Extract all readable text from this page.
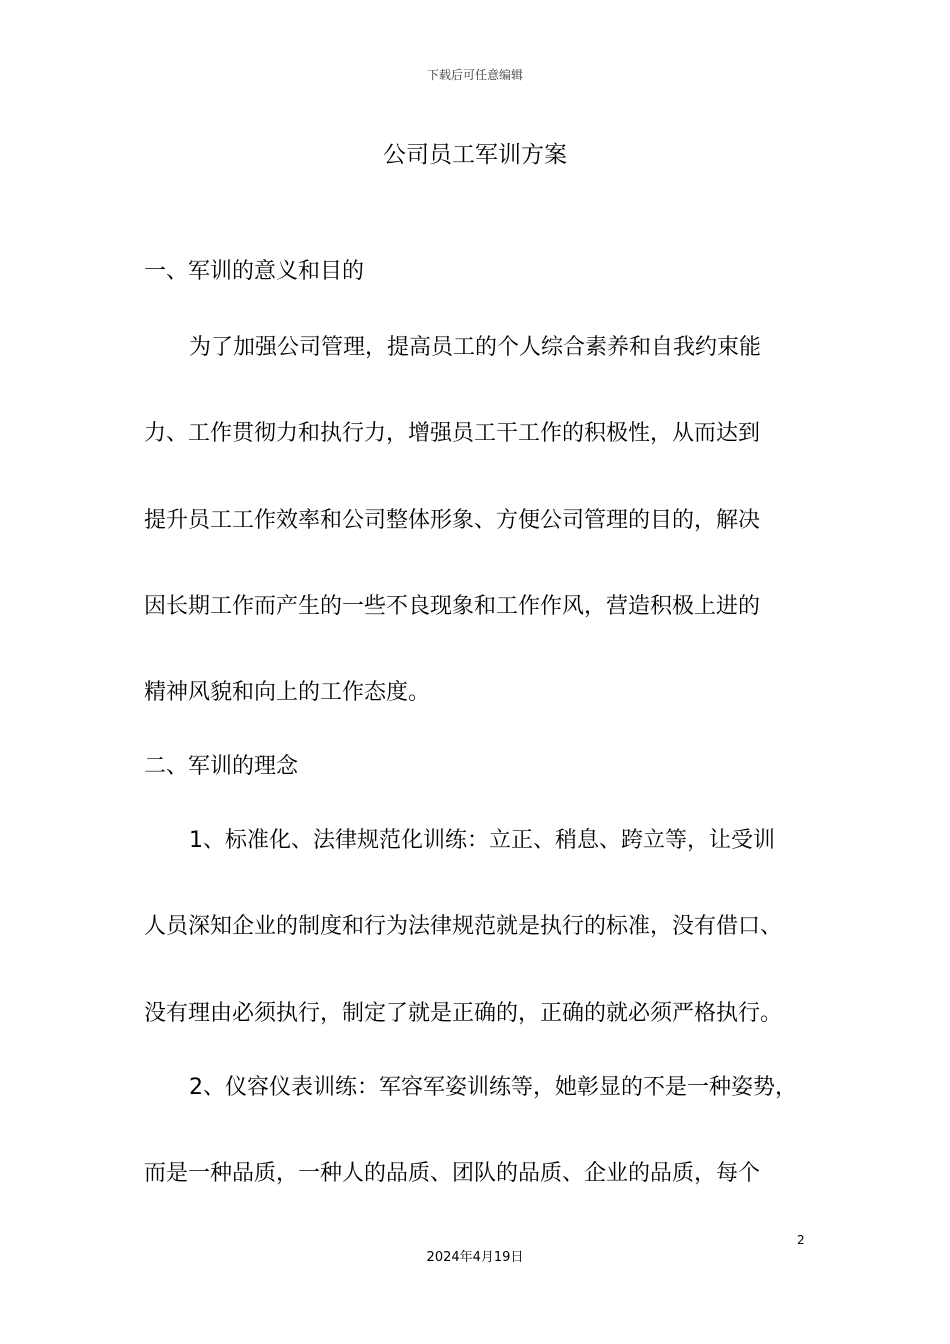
下载后可任意编辑
公司员工军训方案

一、军训的意义和目的

为了加强公司管理，提高员工的个人综合素养和自我约束能

力、工作贯彻力和执行力，增强员工干工作的积极性，从而达到

提升员工工作效率和公司整体形象、方便公司管理的目的，解决

因长期工作而产生的一些不良现象和工作作风，营造积极上进的

精神风貌和向上的工作态度。

二、军训的理念

1、标准化、法律规范化训练：立正、稍息、跨立等，让受训

人员深知企业的制度和行为法律规范就是执行的标准，没有借口、

没有理由必须执行，制定了就是正确的，正确的就必须严格执行。

2、仪容仪表训练：军容军姿训练等，她彰显的不是一种姿势，

而是一种品质，一种人的品质、团队的品质、企业的品质，每个

2
2024年4月19日
